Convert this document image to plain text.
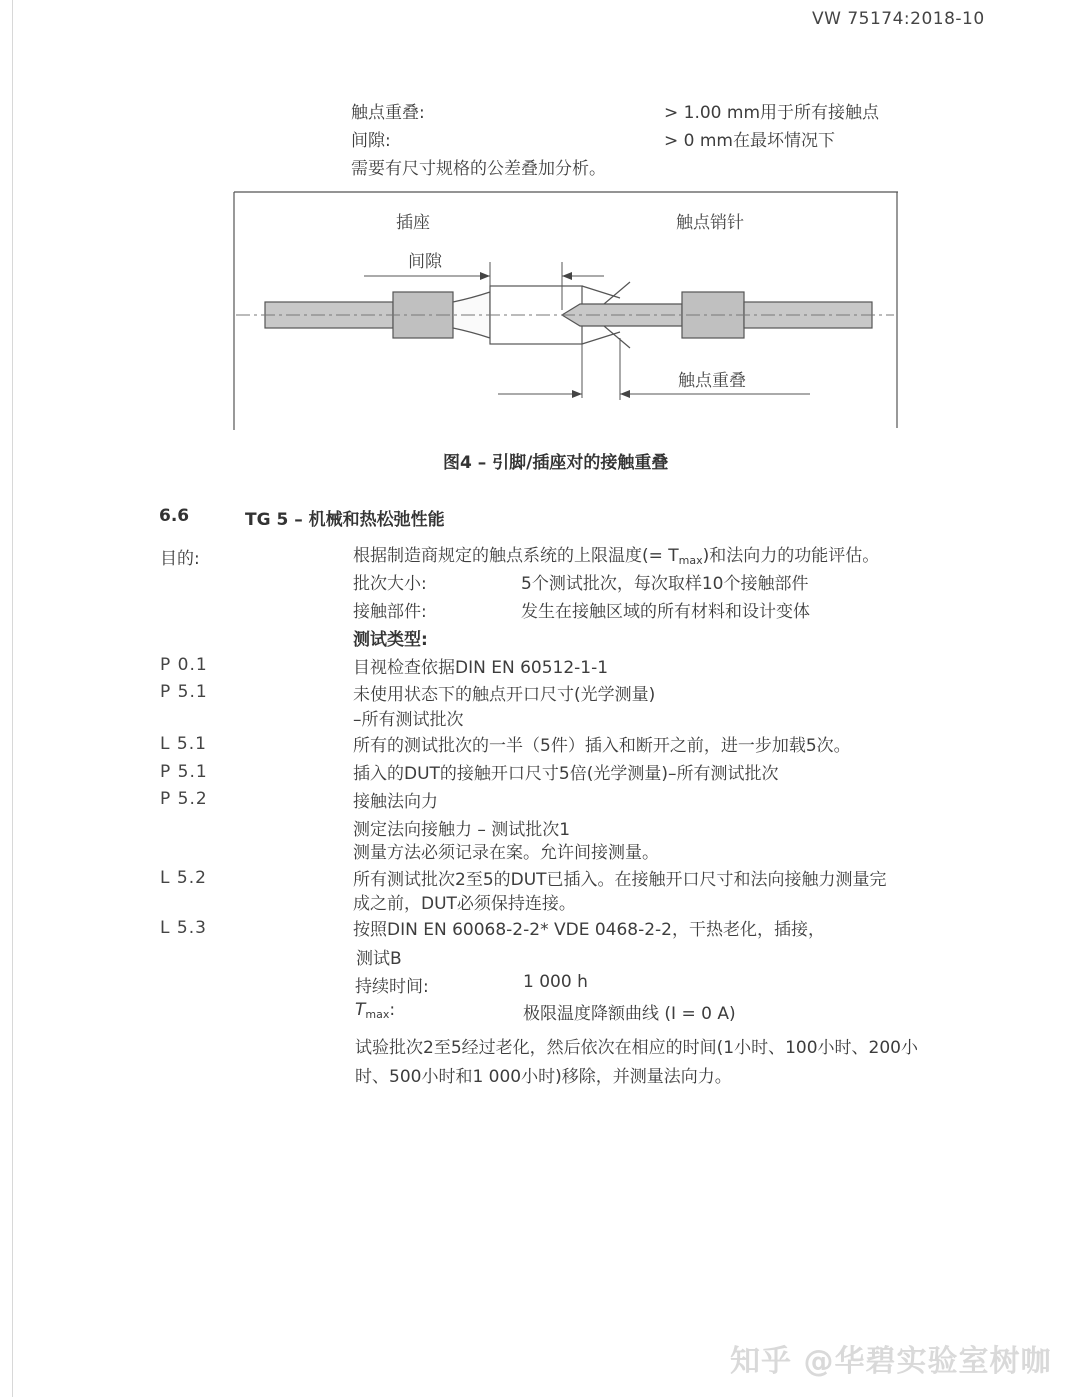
VW 75174:2018-10
触点重叠:	> 1.00 mm用于所有接触点
间隙:	> 0 mm在最坏情况下
需要有尺寸规格的公差叠加分析。
插座	触点销针
间隙
触点重叠
图4 – 引脚/插座对的接触重叠
6.6	TG 5 – 机械和热松弛性能
目的:	根据制造商规定的触点系统的上限温度(= $T_{max}$)和法向力的功能评估。
批次大小:	5个测试批次，每次取样10个接触部件
接触部件:	发生在接触区域的所有材料和设计变体
测试类型:
P 0.1	目视检查依据DIN EN 60512-1-1
P 5.1	未使用状态下的触点开口尺寸(光学测量)
–所有测试批次
L 5.1	所有的测试批次的一半（5件）插入和断开之前，进一步加载5次。
P 5.1	插入的DUT的接触开口尺寸5倍(光学测量)–所有测试批次
P 5.2	接触法向力
测定法向接触力 – 测试批次1
测量方法必须记录在案。允许间接测量。
L 5.2	所有测试批次2至5的DUT已插入。在接触开口尺寸和法向接触力测量完
成之前，DUT必须保持连接。
L 5.3	按照DIN EN 60068-2-2* VDE 0468-2-2，干热老化，插接，
测试B
持续时间:	1 000 h
$T_{max}$:	极限温度降额曲线 (I = 0 A)
试验批次2至5经过老化，然后依次在相应的时间(1小时、100小时、200小
时、500小时和1 000小时)移除，并测量法向力。
知乎 @华碧实验室树咖
